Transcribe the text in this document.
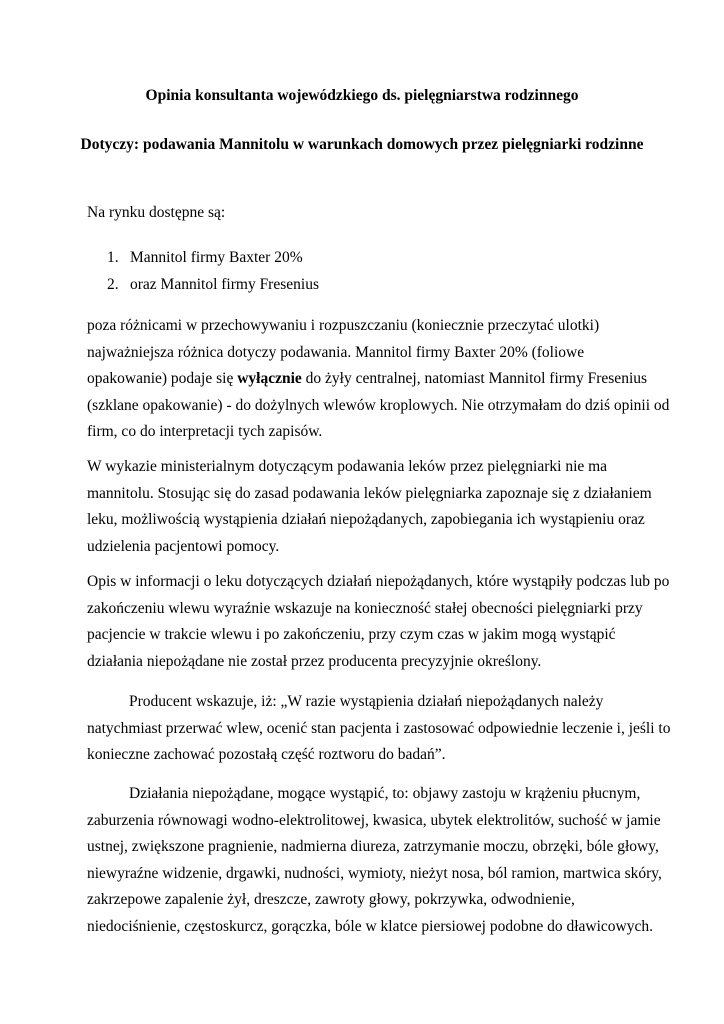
Opinia konsultanta wojewódzkiego ds. pielęgniarstwa rodzinnego
Dotyczy: podawania Mannitolu w warunkach domowych przez pielęgniarki rodzinne
Na rynku dostępne są:
1. Mannitol firmy Baxter 20%
2. oraz Mannitol firmy Fresenius

poza różnicami w przechowywaniu i rozpuszczaniu (koniecznie przeczytać ulotki)
najważniejsza różnica dotyczy podawania. Mannitol firmy Baxter 20% (foliowe
opakowanie) podaje się wyłącznie do żyły centralnej, natomiast Mannitol firmy Fresenius
(szklane opakowanie) - do dożylnych wlewów kroplowych. Nie otrzymałam do dziś opinii od
firm, co do interpretacji tych zapisów.

W wykazie ministerialnym dotyczącym podawania leków przez pielęgniarki nie ma
mannitolu. Stosując się do zasad podawania leków pielęgniarka zapoznaje się z działaniem
leku, możliwością wystąpienia działań niepożądanych, zapobiegania ich wystąpieniu oraz
udzielenia pacjentowi pomocy.

Opis w informacji o leku dotyczących działań niepożądanych, które wystąpiły podczas lub po
zakończeniu wlewu wyraźnie wskazuje na konieczność stałej obecności pielęgniarki przy
pacjencie w trakcie wlewu i po zakończeniu, przy czym czas w jakim mogą wystąpić
działania niepożądane nie został przez producenta precyzyjnie określony.

Producent wskazuje, iż: „W razie wystąpienia działań niepożądanych należy
natychmiast przerwać wlew, ocenić stan pacjenta i zastosować odpowiednie leczenie i, jeśli to
konieczne zachować pozostałą część roztworu do badań”.

Działania niepożądane, mogące wystąpić, to: objawy zastoju w krążeniu płucnym,
zaburzenia równowagi wodno-elektrolitowej, kwasica, ubytek elektrolitów, suchość w jamie
ustnej, zwiększone pragnienie, nadmierna diureza, zatrzymanie moczu, obrzęki, bóle głowy,
niewyraźne widzenie, drgawki, nudności, wymioty, nieżyt nosa, ból ramion, martwica skóry,
zakrzepowe zapalenie żył, dreszcze, zawroty głowy, pokrzywka, odwodnienie,
niedociśnienie, częstoskurcz, gorączka, bóle w klatce piersiowej podobne do dławicowych.
